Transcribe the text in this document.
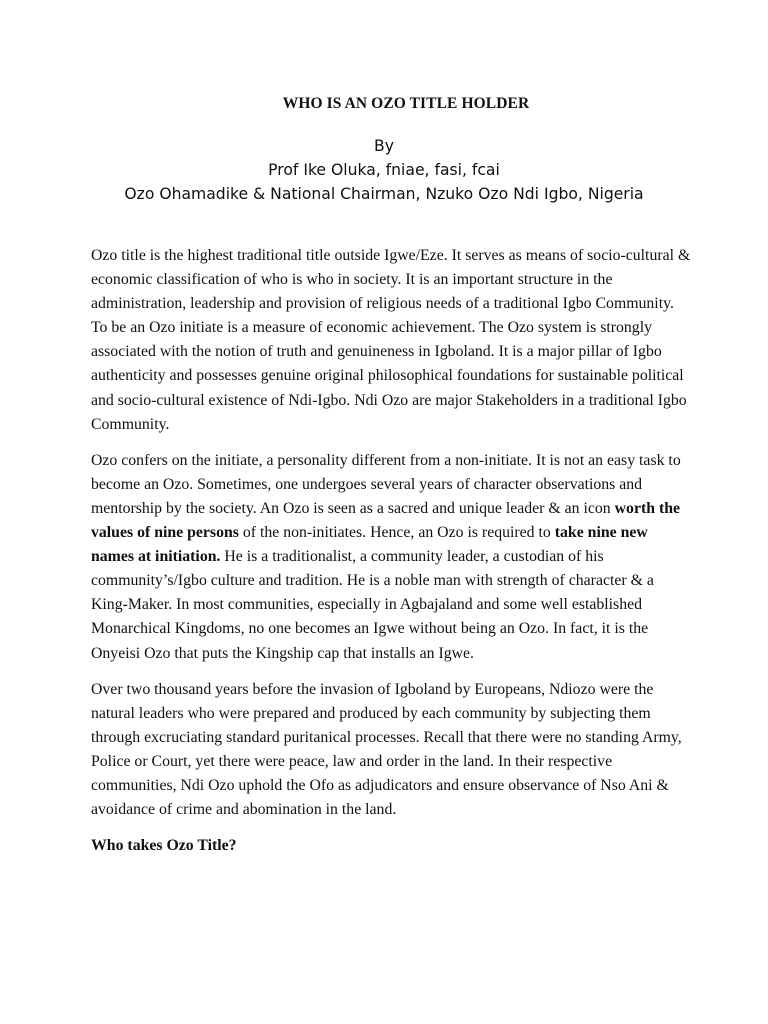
WHO IS AN OZO TITLE HOLDER
By
Prof Ike Oluka, fniae, fasi, fcai
Ozo Ohamadike & National Chairman, Nzuko Ozo Ndi Igbo, Nigeria

Ozo title is the highest traditional title outside Igwe/Eze. It serves as means of socio-cultural & economic classification of who is who in society. It is an important structure in the administration, leadership and provision of religious needs of a traditional Igbo Community. To be an Ozo initiate is a measure of economic achievement. The Ozo system is strongly associated with the notion of truth and genuineness in Igboland. It is a major pillar of Igbo authenticity and possesses genuine original philosophical foundations for sustainable political and socio-cultural existence of Ndi-Igbo. Ndi Ozo are major Stakeholders in a traditional Igbo Community.

Ozo confers on the initiate, a personality different from a non-initiate. It is not an easy task to become an Ozo. Sometimes, one undergoes several years of character observations and mentorship by the society. An Ozo is seen as a sacred and unique leader & an icon worth the values of nine persons of the non-initiates. Hence, an Ozo is required to take nine new names at initiation. He is a traditionalist, a community leader, a custodian of his community’s/Igbo culture and tradition. He is a noble man with strength of character & a King-Maker. In most communities, especially in Agbajaland and some well established Monarchical Kingdoms, no one becomes an Igwe without being an Ozo. In fact, it is the Onyeisi Ozo that puts the Kingship cap that installs an Igwe.

Over two thousand years before the invasion of Igboland by Europeans, Ndiozo were the natural leaders who were prepared and produced by each community by subjecting them through excruciating standard puritanical processes. Recall that there were no standing Army, Police or Court, yet there were peace, law and order in the land. In their respective communities, Ndi Ozo uphold the Ofo as adjudicators and ensure observance of Nso Ani & avoidance of crime and abomination in the land.

Who takes Ozo Title?
